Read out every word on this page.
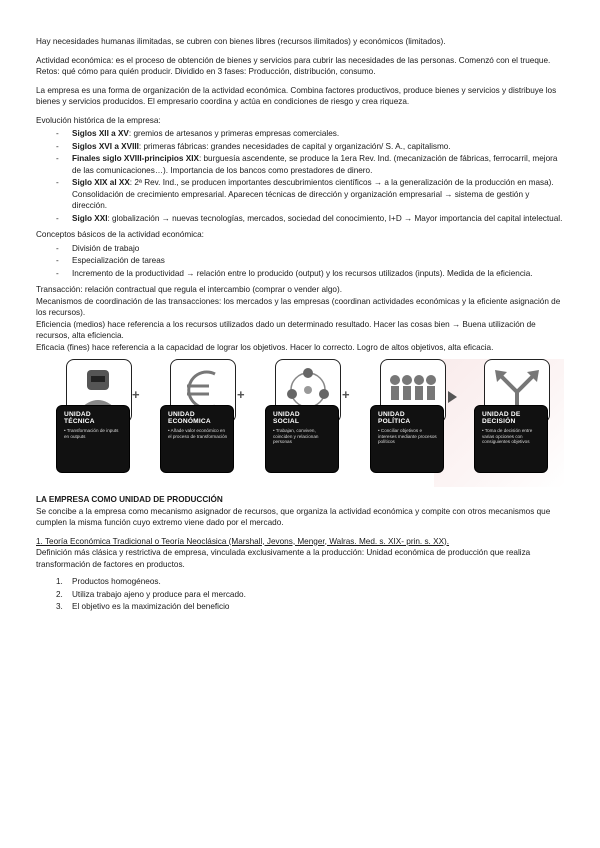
Hay necesidades humanas ilimitadas, se cubren con bienes libres (recursos ilimitados) y económicos (limitados).

Actividad económica: es el proceso de obtención de bienes y servicios para cubrir las necesidades de las personas. Comenzó con el trueque. Retos: qué cómo para quién producir. Dividido en 3 fases: Producción, distribución, consumo.

La empresa es una forma de organización de la actividad económica. Combina factores productivos, produce bienes y servicios y distribuye los bienes y servicios producidos. El empresario coordina y actúa en condiciones de riesgo y crea riqueza.

Evolución histórica de la empresa:

- Siglos XII a XV: gremios de artesanos y primeras empresas comerciales.
- Siglos XVI a XVIII: primeras fábricas: grandes necesidades de capital y organización/ S. A., capitalismo.
- Finales siglo XVIII-principios XIX: burguesía ascendente, se produce la 1era Rev. Ind. (mecanización de fábricas, ferrocarril, mejora de las comunicaciones…). Importancia de los bancos como prestadores de dinero.
- Siglo XIX al XX: 2ª Rev. Ind., se producen importantes descubrimientos científicos → a la generalización de la producción en masa). Consolidación de crecimiento empresarial. Aparecen técnicas de dirección y organización empresarial → sistema de gestión y dirección.
- Siglo XXI: globalización → nuevas tecnologías, mercados, sociedad del conocimiento, I+D → Mayor importancia del capital intelectual.

Conceptos básicos de la actividad económica:

- División de trabajo
- Especialización de tareas
- Incremento de la productividad → relación entre lo producido (output) y los recursos utilizados (inputs). Medida de la eficiencia.

Transacción: relación contractual que regula el intercambio (comprar o vender algo).

Mecanismos de coordinación de las transacciones: los mercados y las empresas (coordinan actividades económicas y la eficiente asignación de los recursos).

Eficiencia (medios) hace referencia a los recursos utilizados dado un determinado resultado. Hacer las cosas bien → Buena utilización de recursos, alta eficiencia.

Eficacia (fines) hace referencia a la capacidad de lograr los objetivos. Hacer lo correcto. Logro de altos objetivos, alta eficacia.

UNIDAD
TÉCNICA
• Transformación de inputs en outputs
+
UNIDAD
ECONÓMICA
• Añade valor económico en el proceso de transformación
+
UNIDAD
SOCIAL
• Trabajan, conviven, coinciden y relacionan personas
+
UNIDAD
POLÍTICA
• Conciliar objetivos e intereses mediante procesos políticos
UNIDAD DE
DECISIÓN
• Toma de decisión entre varias opciones con consiguientes objetivos

LA EMPRESA COMO UNIDAD DE PRODUCCIÓN

Se concibe a la empresa como mecanismo asignador de recursos, que organiza la actividad económica y compite con otros mecanismos que cumplen la misma función cuyo extremo viene dado por el mercado.

1. Teoría Económica Tradicional o Teoría Neoclásica (Marshall, Jevons, Menger, Walras. Med. s. XIX- prin. s. XX).

Definición más clásica y restrictiva de empresa, vinculada exclusivamente a la producción: Unidad económica de producción que realiza transformación de factores en productos.

1. Productos homogéneos.
2. Utiliza trabajo ajeno y produce para el mercado.
3. El objetivo es la maximización del beneficio
